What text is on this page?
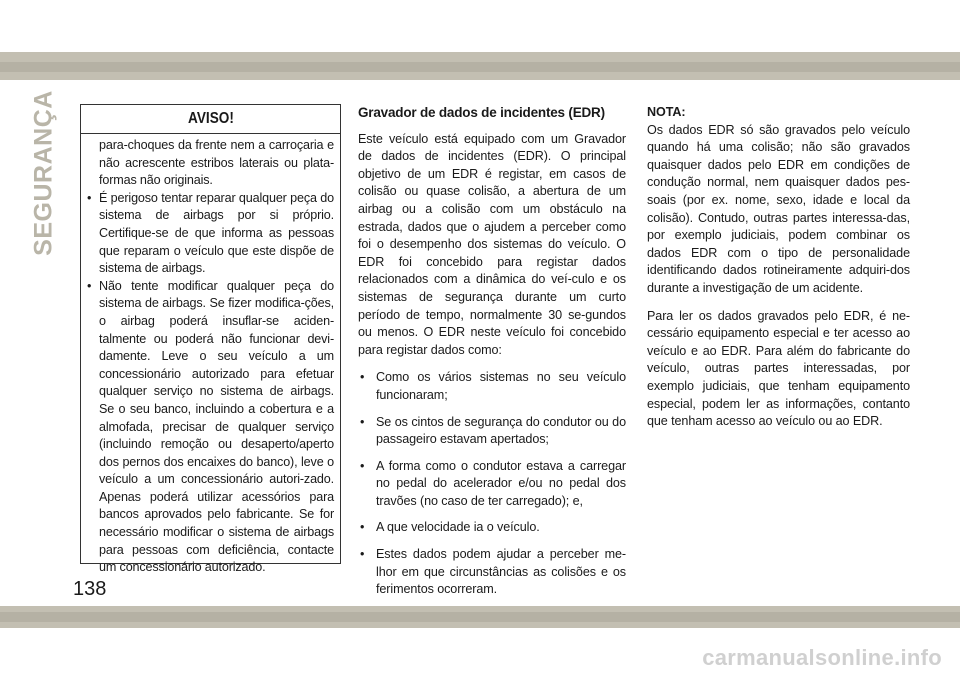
SEGURANÇA	AVISO!

para-choques da frente nem a carroçaria e não acrescente estribos laterais ou plata-formas não originais.

• É perigoso tentar reparar qualquer peça do sistema de airbags por si próprio. Certifique-se de que informa as pessoas que reparam o veículo que este dispõe de sistema de airbags.

• Não tente modificar qualquer peça do sistema de airbags. Se fizer modifica-ções, o airbag poderá insuflar-se aciden-talmente ou poderá não funcionar devi-damente. Leve o seu veículo a um concessionário autorizado para efetuar qualquer serviço no sistema de airbags. Se o seu banco, incluindo a cobertura e a almofada, precisar de qualquer serviço (incluindo remoção ou desaperto/aperto dos pernos dos encaixes do banco), leve o veículo a um concessionário autori-zado. Apenas poderá utilizar acessórios para bancos aprovados pelo fabricante. Se for necessário modificar o sistema de airbags para pessoas com deficiência, contacte um concessionário autorizado.

Gravador de dados de incidentes (EDR)

Este veículo está equipado com um Gravador de dados de incidentes (EDR). O principal objetivo de um EDR é registar, em casos de colisão ou quase colisão, a abertura de um airbag ou a colisão com um obstáculo na estrada, dados que o ajudem a perceber como foi o desempenho dos sistemas do veículo. O EDR foi concebido para registar dados relacionados com a dinâmica do veí-culo e os sistemas de segurança durante um curto período de tempo, normalmente 30 se-gundos ou menos. O EDR neste veículo foi concebido para registar dados como:

• Como os vários sistemas no seu veículo funcionaram;
• Se os cintos de segurança do condutor ou do passageiro estavam apertados;
• A forma como o condutor estava a carregar no pedal do acelerador e/ou no pedal dos travões (no caso de ter carregado); e,
• A que velocidade ia o veículo.
• Estes dados podem ajudar a perceber me-lhor em que circunstâncias as colisões e os ferimentos ocorreram.
NOTA:

Os dados EDR só são gravados pelo veículo quando há uma colisão; não são gravados quaisquer dados pelo EDR em condições de condução normal, nem quaisquer dados pes-soais (por ex. nome, sexo, idade e local da colisão). Contudo, outras partes interessa-das, por exemplo judiciais, podem combinar os dados EDR com o tipo de personalidade identificando dados rotineiramente adquiri-dos durante a investigação de um acidente.

Para ler os dados gravados pelo EDR, é ne-cessário equipamento especial e ter acesso ao veículo e ao EDR. Para além do fabricante do veículo, outras partes interessadas, por exemplo judiciais, que tenham equipamento especial, podem ler as informações, contanto que tenham acesso ao veículo ou ao EDR.

138
carmanualsonline.info
